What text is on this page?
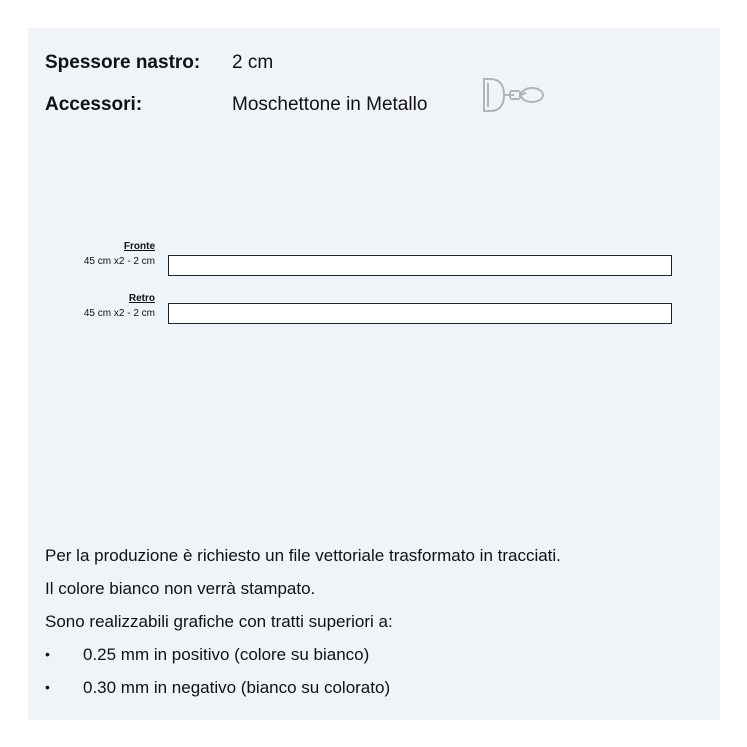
Spessore nastro:	2 cm
Accessori:	Moschettone in Metallo
Fronte
45 cm x2 - 2 cm
Retro
45 cm x2 - 2 cm
Per la produzione è richiesto un file vettoriale trasformato in tracciati.
Il colore bianco non verrà stampato.
Sono realizzabili grafiche con tratti superiori a:
•	0.25 mm in positivo (colore su bianco)
•	0.30 mm in negativo (bianco su colorato)
